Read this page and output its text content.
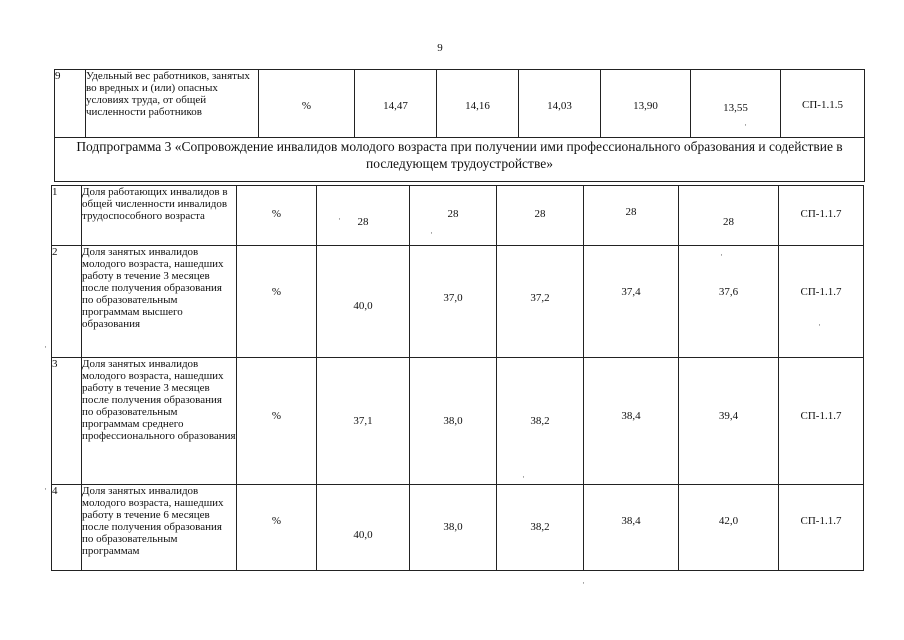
9
9	Удельный вес работников, занятых во вредных и (или) опасных условиях труда, от общей численности работников	%	14,47	14,16	14,03	13,90	13,55	СП-1.1.5
Подпрограмма 3 «Сопровождение инвалидов молодого возраста при получении ими профессионального образования и содействие в последующем трудоустройстве»
1	Доля работающих инвалидов в общей численности инвалидов трудоспособного возраста	%	28	28	28	28	28	СП-1.1.7
2	Доля занятых инвалидов молодого возраста, нашедших работу в течение 3 месяцев после получения образования по образовательным программам высшего образования	%	40,0	37,0	37,2	37,4	37,6	СП-1.1.7
3	Доля занятых инвалидов молодого возраста, нашедших работу в течение 3 месяцев после получения образования по образовательным программам среднего профессионального образования	%	37,1	38,0	38,2	38,4	39,4	СП-1.1.7
4	Доля занятых инвалидов молодого возраста, нашедших работу в течение 6 месяцев после получения образования по образовательным программам	%	40,0	38,0	38,2	38,4	42,0	СП-1.1.7
·
·
·
·
·
·
·
·
·
